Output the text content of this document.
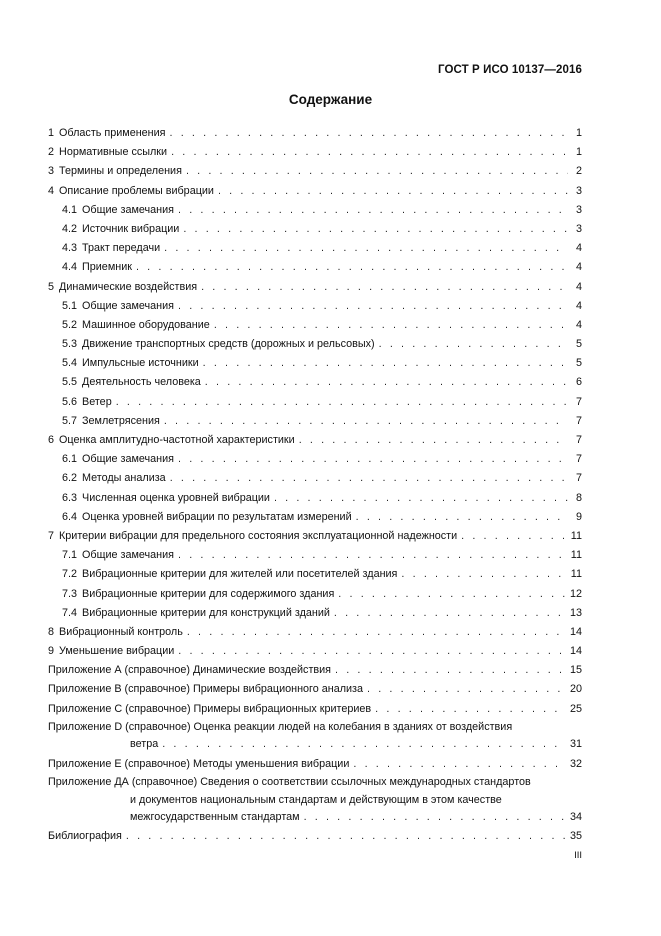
ГОСТ Р ИСО 10137—2016
Содержание
1 Область применения . . .	1
2 Нормативные ссылки . . .	1
3 Термины и определения . . .	2
4 Описание проблемы вибрации . . .	3
4.1 Общие замечания . . .	3
4.2 Источник вибрации . . .	3
4.3 Тракт передачи . . .	4
4.4 Приемник . . .	4
5 Динамические воздействия . . .	4
5.1 Общие замечания . . .	4
5.2 Машинное оборудование . . .	4
5.3 Движение транспортных средств (дорожных и рельсовых) . . .	5
5.4 Импульсные источники . . .	5
5.5 Деятельность человека . . .	6
5.6 Ветер . . .	7
5.7 Землетрясения . . .	7
6 Оценка амплитудно-частотной характеристики . . .	7
6.1 Общие замечания . . .	7
6.2 Методы анализа . . .	7
6.3 Численная оценка уровней вибрации . . .	8
6.4 Оценка уровней вибрации по результатам измерений . . .	9
7 Критерии вибрации для предельного состояния эксплуатационной надежности . . .	11
7.1 Общие замечания . . .	11
7.2 Вибрационные критерии для жителей или посетителей здания . . .	11
7.3 Вибрационные критерии для содержимого здания . . .	12
7.4 Вибрационные критерии для конструкций зданий . . .	13
8 Вибрационный контроль . . .	14
9 Уменьшение вибрации . . .	14
Приложение А (справочное) Динамические воздействия . . .	15
Приложение В (справочное) Примеры вибрационного анализа . . .	20
Приложение С (справочное) Примеры вибрационных критериев . . .	25
Приложение D (справочное) Оценка реакции людей на колебания в зданиях от воздействия
ветра . . .	31
Приложение Е (справочное) Методы уменьшения вибрации . . .	32
Приложение ДА (справочное) Сведения о соответствии ссылочных международных стандартов
и документов национальным стандартам и действующим в этом качестве
межгосударственным стандартам . . .	34
Библиография . . .	35
III
